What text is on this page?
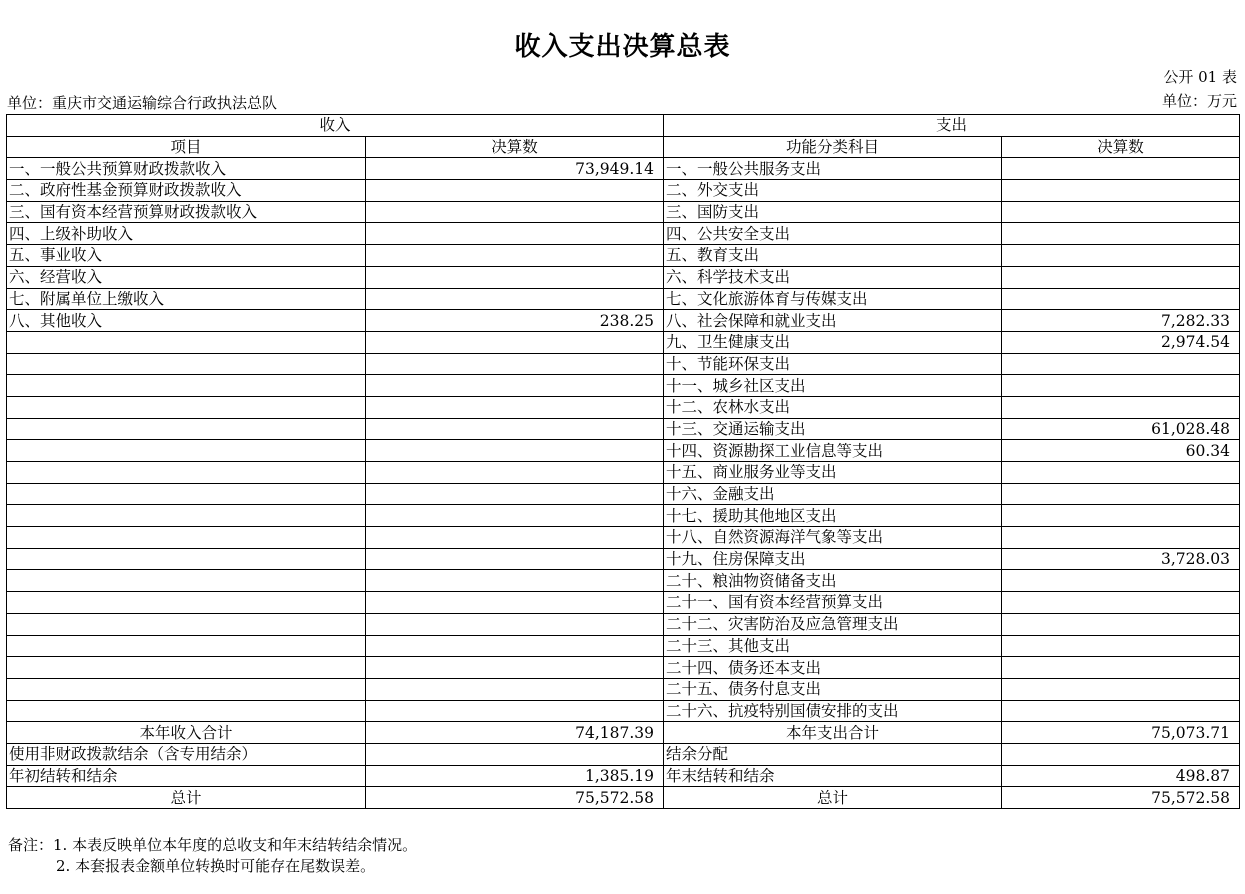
收入支出决算总表
公开 01 表
单位：重庆市交通运输综合行政执法总队	单位：万元
收入		支出	
项目	决算数	功能分类科目	决算数
一、一般公共预算财政拨款收入	73,949.14	一、一般公共服务支出	
二、政府性基金预算财政拨款收入		二、外交支出	
三、国有资本经营预算财政拨款收入		三、国防支出	
四、上级补助收入		四、公共安全支出	
五、事业收入		五、教育支出	
六、经营收入		六、科学技术支出	
七、附属单位上缴收入		七、文化旅游体育与传媒支出	
八、其他收入	238.25	八、社会保障和就业支出	7,282.33
		九、卫生健康支出	2,974.54
		十、节能环保支出	
		十一、城乡社区支出	
		十二、农林水支出	
		十三、交通运输支出	61,028.48
		十四、资源勘探工业信息等支出	60.34
		十五、商业服务业等支出	
		十六、金融支出	
		十七、援助其他地区支出	
		十八、自然资源海洋气象等支出	
		十九、住房保障支出	3,728.03
		二十、粮油物资储备支出	
		二十一、国有资本经营预算支出	
		二十二、灾害防治及应急管理支出	
		二十三、其他支出	
		二十四、债务还本支出	
		二十五、债务付息支出	
		二十六、抗疫特别国债安排的支出	
本年收入合计	74,187.39	本年支出合计	75,073.71
使用非财政拨款结余（含专用结余）		结余分配	
年初结转和结余	1,385.19	年末结转和结余	498.87
总计	75,572.58	总计	75,572.58
备注：1. 本表反映单位本年度的总收支和年末结转结余情况。
2. 本套报表金额单位转换时可能存在尾数误差。
